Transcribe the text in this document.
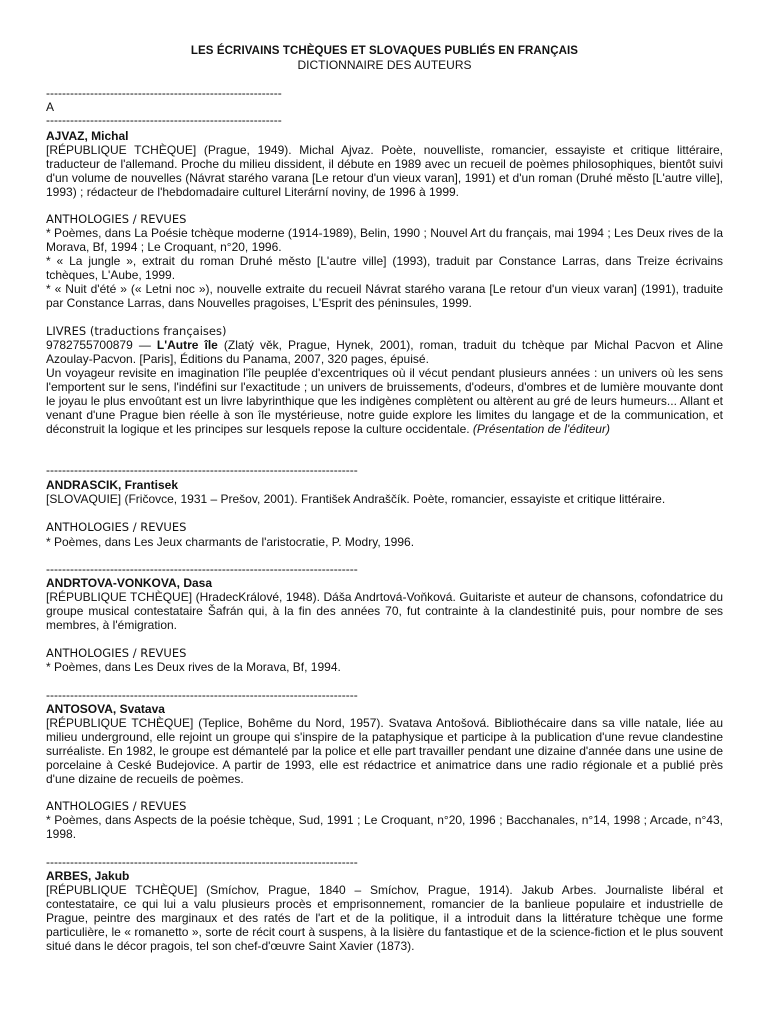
LES ÉCRIVAINS TCHÈQUES ET SLOVAQUES PUBLIÉS EN FRANÇAIS
DICTIONNAIRE DES AUTEURS
-----------------------------------------------------------
A
-----------------------------------------------------------
AJVAZ, Michal
[RÉPUBLIQUE TCHÈQUE] (Prague, 1949). Michal Ajvaz. Poète, nouvelliste, romancier, essayiste et critique littéraire, traducteur de l'allemand. Proche du milieu dissident, il débute en 1989 avec un recueil de poèmes philosophiques, bientôt suivi d'un volume de nouvelles (Návrat starého varana [Le retour d'un vieux varan], 1991) et d'un roman (Druhé město [L'autre ville], 1993) ; rédacteur de l'hebdomadaire culturel Literární noviny, de 1996 à 1999.
ANTHOLOGIES / REVUES
* Poèmes, dans La Poésie tchèque moderne (1914-1989), Belin, 1990 ; Nouvel Art du français, mai 1994 ; Les Deux rives de la Morava, Bf, 1994 ; Le Croquant, n°20, 1996.
* « La jungle », extrait du roman Druhé město [L'autre ville] (1993), traduit par Constance Larras, dans Treize écrivains tchèques, L'Aube, 1999.
* « Nuit d'été » (« Letni noc »), nouvelle extraite du recueil Návrat starého varana [Le retour d'un vieux varan] (1991), traduite par Constance Larras, dans Nouvelles pragoises, L'Esprit des péninsules, 1999.
LIVRES (traductions françaises)
9782755700879 — L'Autre île (Zlatý věk, Prague, Hynek, 2001), roman, traduit du tchèque par Michal Pacvon et Aline Azoulay-Pacvon. [Paris], Éditions du Panama, 2007, 320 pages, épuisé.
Un voyageur revisite en imagination l'île peuplée d'excentriques où il vécut pendant plusieurs années : un univers où les sens l'emportent sur le sens, l'indéfini sur l'exactitude ; un univers de bruissements, d'odeurs, d'ombres et de lumière mouvante dont le joyau le plus envoûtant est un livre labyrinthique que les indigènes complètent ou altèrent au gré de leurs humeurs... Allant et venant d'une Prague bien réelle à son île mystérieuse, notre guide explore les limites du langage et de la communication, et déconstruit la logique et les principes sur lesquels repose la culture occidentale. (Présentation de l'éditeur)
------------------------------------------------------------------------------
ANDRASCIK, Frantisek
[SLOVAQUIE] (Fričovce, 1931 – Prešov, 2001). František Andraščík. Poète, romancier, essayiste et critique littéraire.
ANTHOLOGIES / REVUES
* Poèmes, dans Les Jeux charmants de l'aristocratie, P. Modry, 1996.
------------------------------------------------------------------------------
ANDRTOVA-VONKOVA, Dasa
[RÉPUBLIQUE TCHÈQUE] (HradecKrálové, 1948). Dáša Andrtová-Voňková. Guitariste et auteur de chansons, cofondatrice du groupe musical contestataire Šafrán qui, à la fin des années 70, fut contrainte à la clandestinité puis, pour nombre de ses membres, à l'émigration.
ANTHOLOGIES / REVUES
* Poèmes, dans Les Deux rives de la Morava, Bf, 1994.
------------------------------------------------------------------------------
ANTOSOVA, Svatava
[RÉPUBLIQUE TCHÈQUE] (Teplice, Bohême du Nord, 1957). Svatava Antošová. Bibliothécaire dans sa ville natale, liée au milieu underground, elle rejoint un groupe qui s'inspire de la pataphysique et participe à la publication d'une revue clandestine surréaliste. En 1982, le groupe est démantelé par la police et elle part travailler pendant une dizaine d'année dans une usine de porcelaine à Ceské Budejovice. A partir de 1993, elle est rédactrice et animatrice dans une radio régionale et a publié près d'une dizaine de recueils de poèmes.
ANTHOLOGIES / REVUES
* Poèmes, dans Aspects de la poésie tchèque, Sud, 1991 ; Le Croquant, n°20, 1996 ; Bacchanales, n°14, 1998 ; Arcade, n°43, 1998.
------------------------------------------------------------------------------
ARBES, Jakub
[RÉPUBLIQUE TCHÈQUE] (Smíchov, Prague, 1840 – Smíchov, Prague, 1914). Jakub Arbes. Journaliste libéral et contestataire, ce qui lui a valu plusieurs procès et emprisonnement, romancier de la banlieue populaire et industrielle de Prague, peintre des marginaux et des ratés de l'art et de la politique, il a introduit dans la littérature tchèque une forme particulière, le « romanetto », sorte de récit court à suspens, à la lisière du fantastique et de la science-fiction et le plus souvent situé dans le décor pragois, tel son chef-d'œuvre Saint Xavier (1873).
